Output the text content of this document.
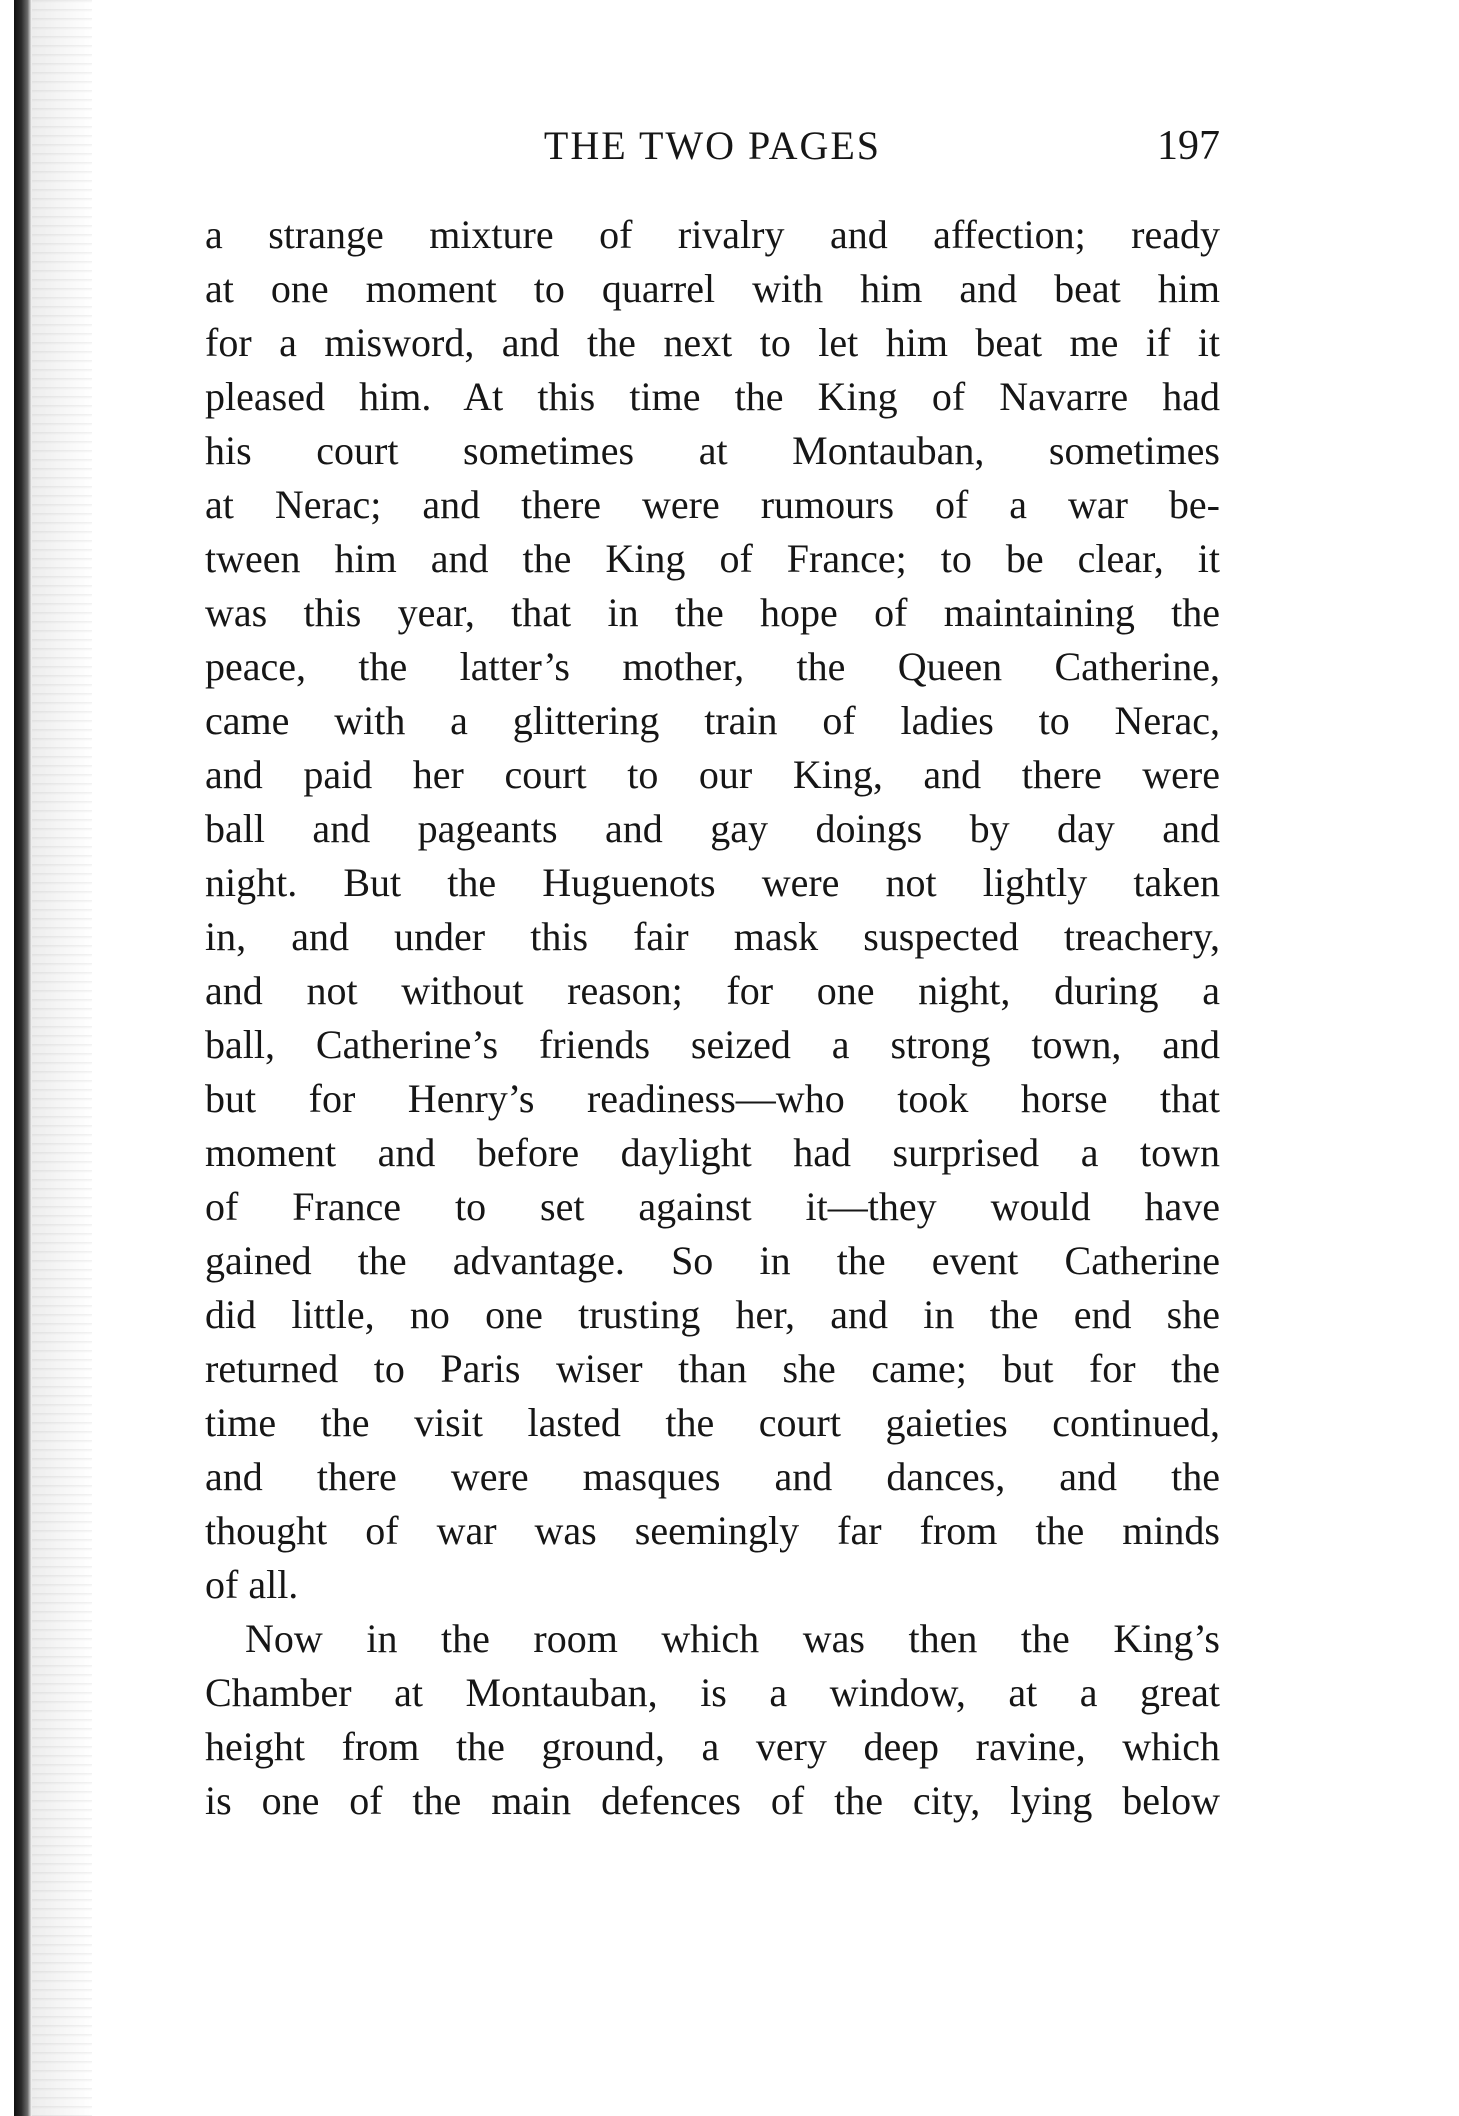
THE TWO PAGES	197
a strange mixture of rivalry and affection; ready
at one moment to quarrel with him and beat him
for a misword, and the next to let him beat me if it
pleased him. At this time the King of Navarre had
his court sometimes at Montauban, sometimes
at Nerac; and there were rumours of a war be-
tween him and the King of France; to be clear, it
was this year, that in the hope of maintaining the
peace, the latter’s mother, the Queen Catherine,
came with a glittering train of ladies to Nerac,
and paid her court to our King, and there were
ball and pageants and gay doings by day and
night. But the Huguenots were not lightly taken
in, and under this fair mask suspected treachery,
and not without reason; for one night, during a
ball, Catherine’s friends seized a strong town, and
but for Henry’s readiness—who took horse that
moment and before daylight had surprised a town
of France to set against it—they would have
gained the advantage. So in the event Catherine
did little, no one trusting her, and in the end she
returned to Paris wiser than she came; but for the
time the visit lasted the court gaieties continued,
and there were masques and dances, and the
thought of war was seemingly far from the minds
of all.
Now in the room which was then the King’s
Chamber at Montauban, is a window, at a great
height from the ground, a very deep ravine, which
is one of the main defences of the city, lying below
